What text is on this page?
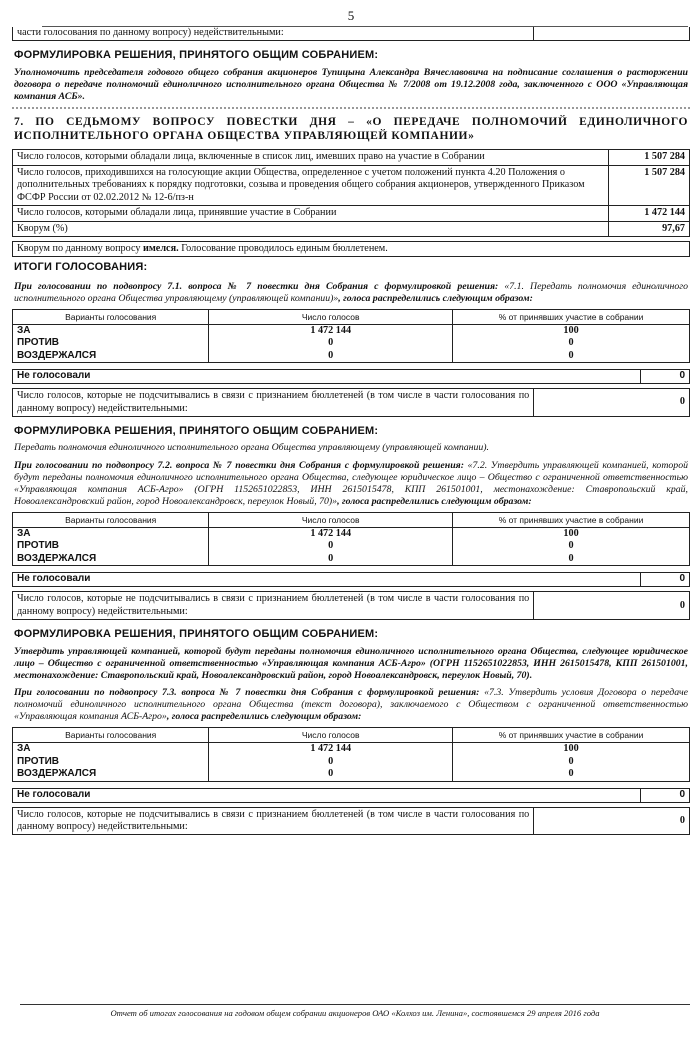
5
части голосования по данному вопросу) недействительными:	
ФОРМУЛИРОВКА РЕШЕНИЯ, ПРИНЯТОГО ОБЩИМ СОБРАНИЕМ:
Уполномочить председателя годового общего собрания акционеров Тупицына Александра Вячеславовича на подписание соглашения о расторжении договора о передаче полномочий единоличного исполнительного органа Общества № 7/2008 от 19.12.2008 года, заключенного с ООО «Управляющая компания АСБ».
7. ПО СЕДЬМОМУ ВОПРОСУ ПОВЕСТКИ ДНЯ – «О ПЕРЕДАЧЕ ПОЛНОМОЧИЙ ЕДИНОЛИЧНОГО ИСПОЛНИТЕЛЬНОГО ОРГАНА ОБЩЕСТВА УПРАВЛЯЮЩЕЙ КОМПАНИИ»
Число голосов, которыми обладали лица, включенные в список лиц, имевших право на участие в Собрании	1 507 284
Число голосов, приходившихся на голосующие акции Общества, определенное с учетом положений пункта 4.20 Положения о дополнительных требованиях к порядку подготовки, созыва и проведения общего собрания акционеров, утвержденного Приказом ФСФР России от 02.02.2012 № 12-6/пз-н	1 507 284
Число голосов, которыми обладали лица, принявшие участие в Собрании	1 472 144
Кворум (%)	97,67
Кворум по данному вопросу имелся. Голосование проводилось единым бюллетенем.
ИТОГИ ГОЛОСОВАНИЯ:
При голосовании по подвопросу 7.1. вопроса № 7 повестки дня Собрания с формулировкой решения: «7.1. Передать полномочия единоличного исполнительного органа Общества управляющему (управляющей компании)», голоса распределились следующим образом:
Варианты голосования	Число голосов	% от принявших участие в собрании
ЗА	1 472 144	100
ПРОТИВ	0	0
ВОЗДЕРЖАЛСЯ	0	0
Не голосовали	0
Число голосов, которые не подсчитывались в связи с признанием бюллетеней (в том числе в части голосования по данному вопросу) недействительными:	0
ФОРМУЛИРОВКА РЕШЕНИЯ, ПРИНЯТОГО ОБЩИМ СОБРАНИЕМ:
Передать полномочия единоличного исполнительного органа Общества управляющему (управляющей компании).
При голосовании по подвопросу 7.2. вопроса № 7 повестки дня Собрания с формулировкой решения: «7.2. Утвердить управляющей компанией, которой будут переданы полномочия единоличного исполнительного органа Общества, следующее юридическое лицо – Общество с ограниченной ответственностью «Управляющая компания АСБ-Агро» (ОГРН 1152651022853, ИНН 2615015478, КПП 261501001, местонахождение: Ставропольский край, Новоалександровский район, город Новоалександровск, переулок Новый, 70)», голоса распределились следующим образом:
Варианты голосования	Число голосов	% от принявших участие в собрании
ЗА	1 472 144	100
ПРОТИВ	0	0
ВОЗДЕРЖАЛСЯ	0	0
Не голосовали	0
Число голосов, которые не подсчитывались в связи с признанием бюллетеней (в том числе в части голосования по данному вопросу) недействительными:	0
ФОРМУЛИРОВКА РЕШЕНИЯ, ПРИНЯТОГО ОБЩИМ СОБРАНИЕМ:
Утвердить управляющей компанией, которой будут переданы полномочия единоличного исполнительного органа Общества, следующее юридическое лицо – Общество с ограниченной ответственностью «Управляющая компания АСБ-Агро» (ОГРН 1152651022853, ИНН 2615015478, КПП 261501001, местонахождение: Ставропольский край, Новоалександровский район, город Новоалександровск, переулок Новый, 70).
При голосовании по подвопросу 7.3. вопроса № 7 повестки дня Собрания с формулировкой решения: «7.3. Утвердить условия Договора о передаче полномочий единоличного исполнительного органа Общества (текст договора), заключаемого с Обществом с ограниченной ответственностью «Управляющая компания АСБ-Агро», голоса распределились следующим образом:
Варианты голосования	Число голосов	% от принявших участие в собрании
ЗА	1 472 144	100
ПРОТИВ	0	0
ВОЗДЕРЖАЛСЯ	0	0
Не голосовали	0
Число голосов, которые не подсчитывались в связи с признанием бюллетеней (в том числе в части голосования по данному вопросу) недействительными:	0
Отчет об итогах голосования на годовом общем собрании акционеров ОАО «Колхоз им. Ленина», состоявшемся 29 апреля 2016 года
